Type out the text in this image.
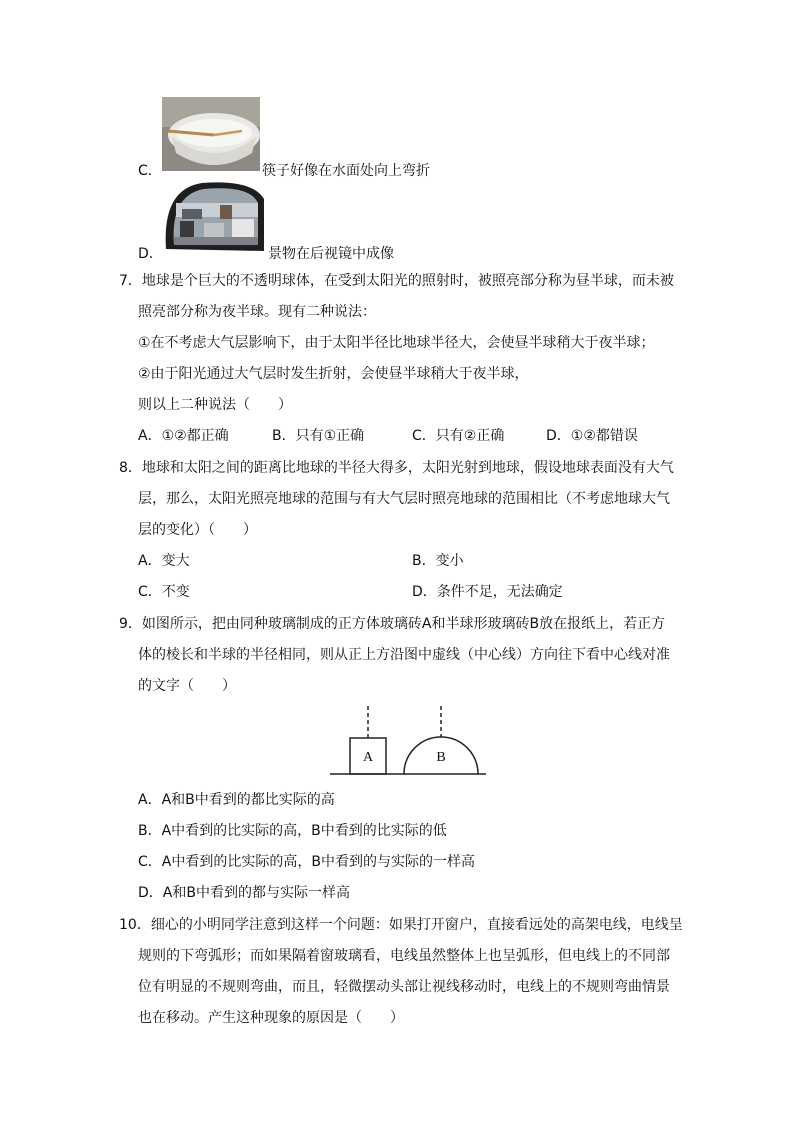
C．	筷子好像在水面处向上弯折
D．	景物在后视镜中成像
7．地球是个巨大的不透明球体，在受到太阳光的照射时，被照亮部分称为昼半球，而未被
照亮部分称为夜半球。现有二种说法：
①在不考虑大气层影响下，由于太阳半径比地球半径大，会使昼半球稍大于夜半球；
②由于阳光通过大气层时发生折射，会使昼半球稍大于夜半球，
则以上二种说法（　　）
A．①②都正确	B．只有①正确	C．只有②正确	D．①②都错误
8．地球和太阳之间的距离比地球的半径大得多，太阳光射到地球，假设地球表面没有大气
层，那么，太阳光照亮地球的范围与有大气层时照亮地球的范围相比（不考虑地球大气
层的变化）（　　）
A．变大	B．变小
C．不变	D．条件不足，无法确定
9．如图所示，把由同种玻璃制成的正方体玻璃砖A和半球形玻璃砖B放在报纸上，若正方
体的棱长和半球的半径相同，则从正上方沿图中虚线（中心线）方向往下看中心线对准
的文字（　　）
A	B
A．A和B中看到的都比实际的高
B．A中看到的比实际的高，B中看到的比实际的低
C．A中看到的比实际的高，B中看到的与实际的一样高
D．A和B中看到的都与实际一样高
10．细心的小明同学注意到这样一个问题：如果打开窗户，直接看远处的高架电线，电线呈
规则的下弯弧形；而如果隔着窗玻璃看，电线虽然整体上也呈弧形，但电线上的不同部
位有明显的不规则弯曲，而且，轻微摆动头部让视线移动时，电线上的不规则弯曲情景
也在移动。产生这种现象的原因是（　　）
